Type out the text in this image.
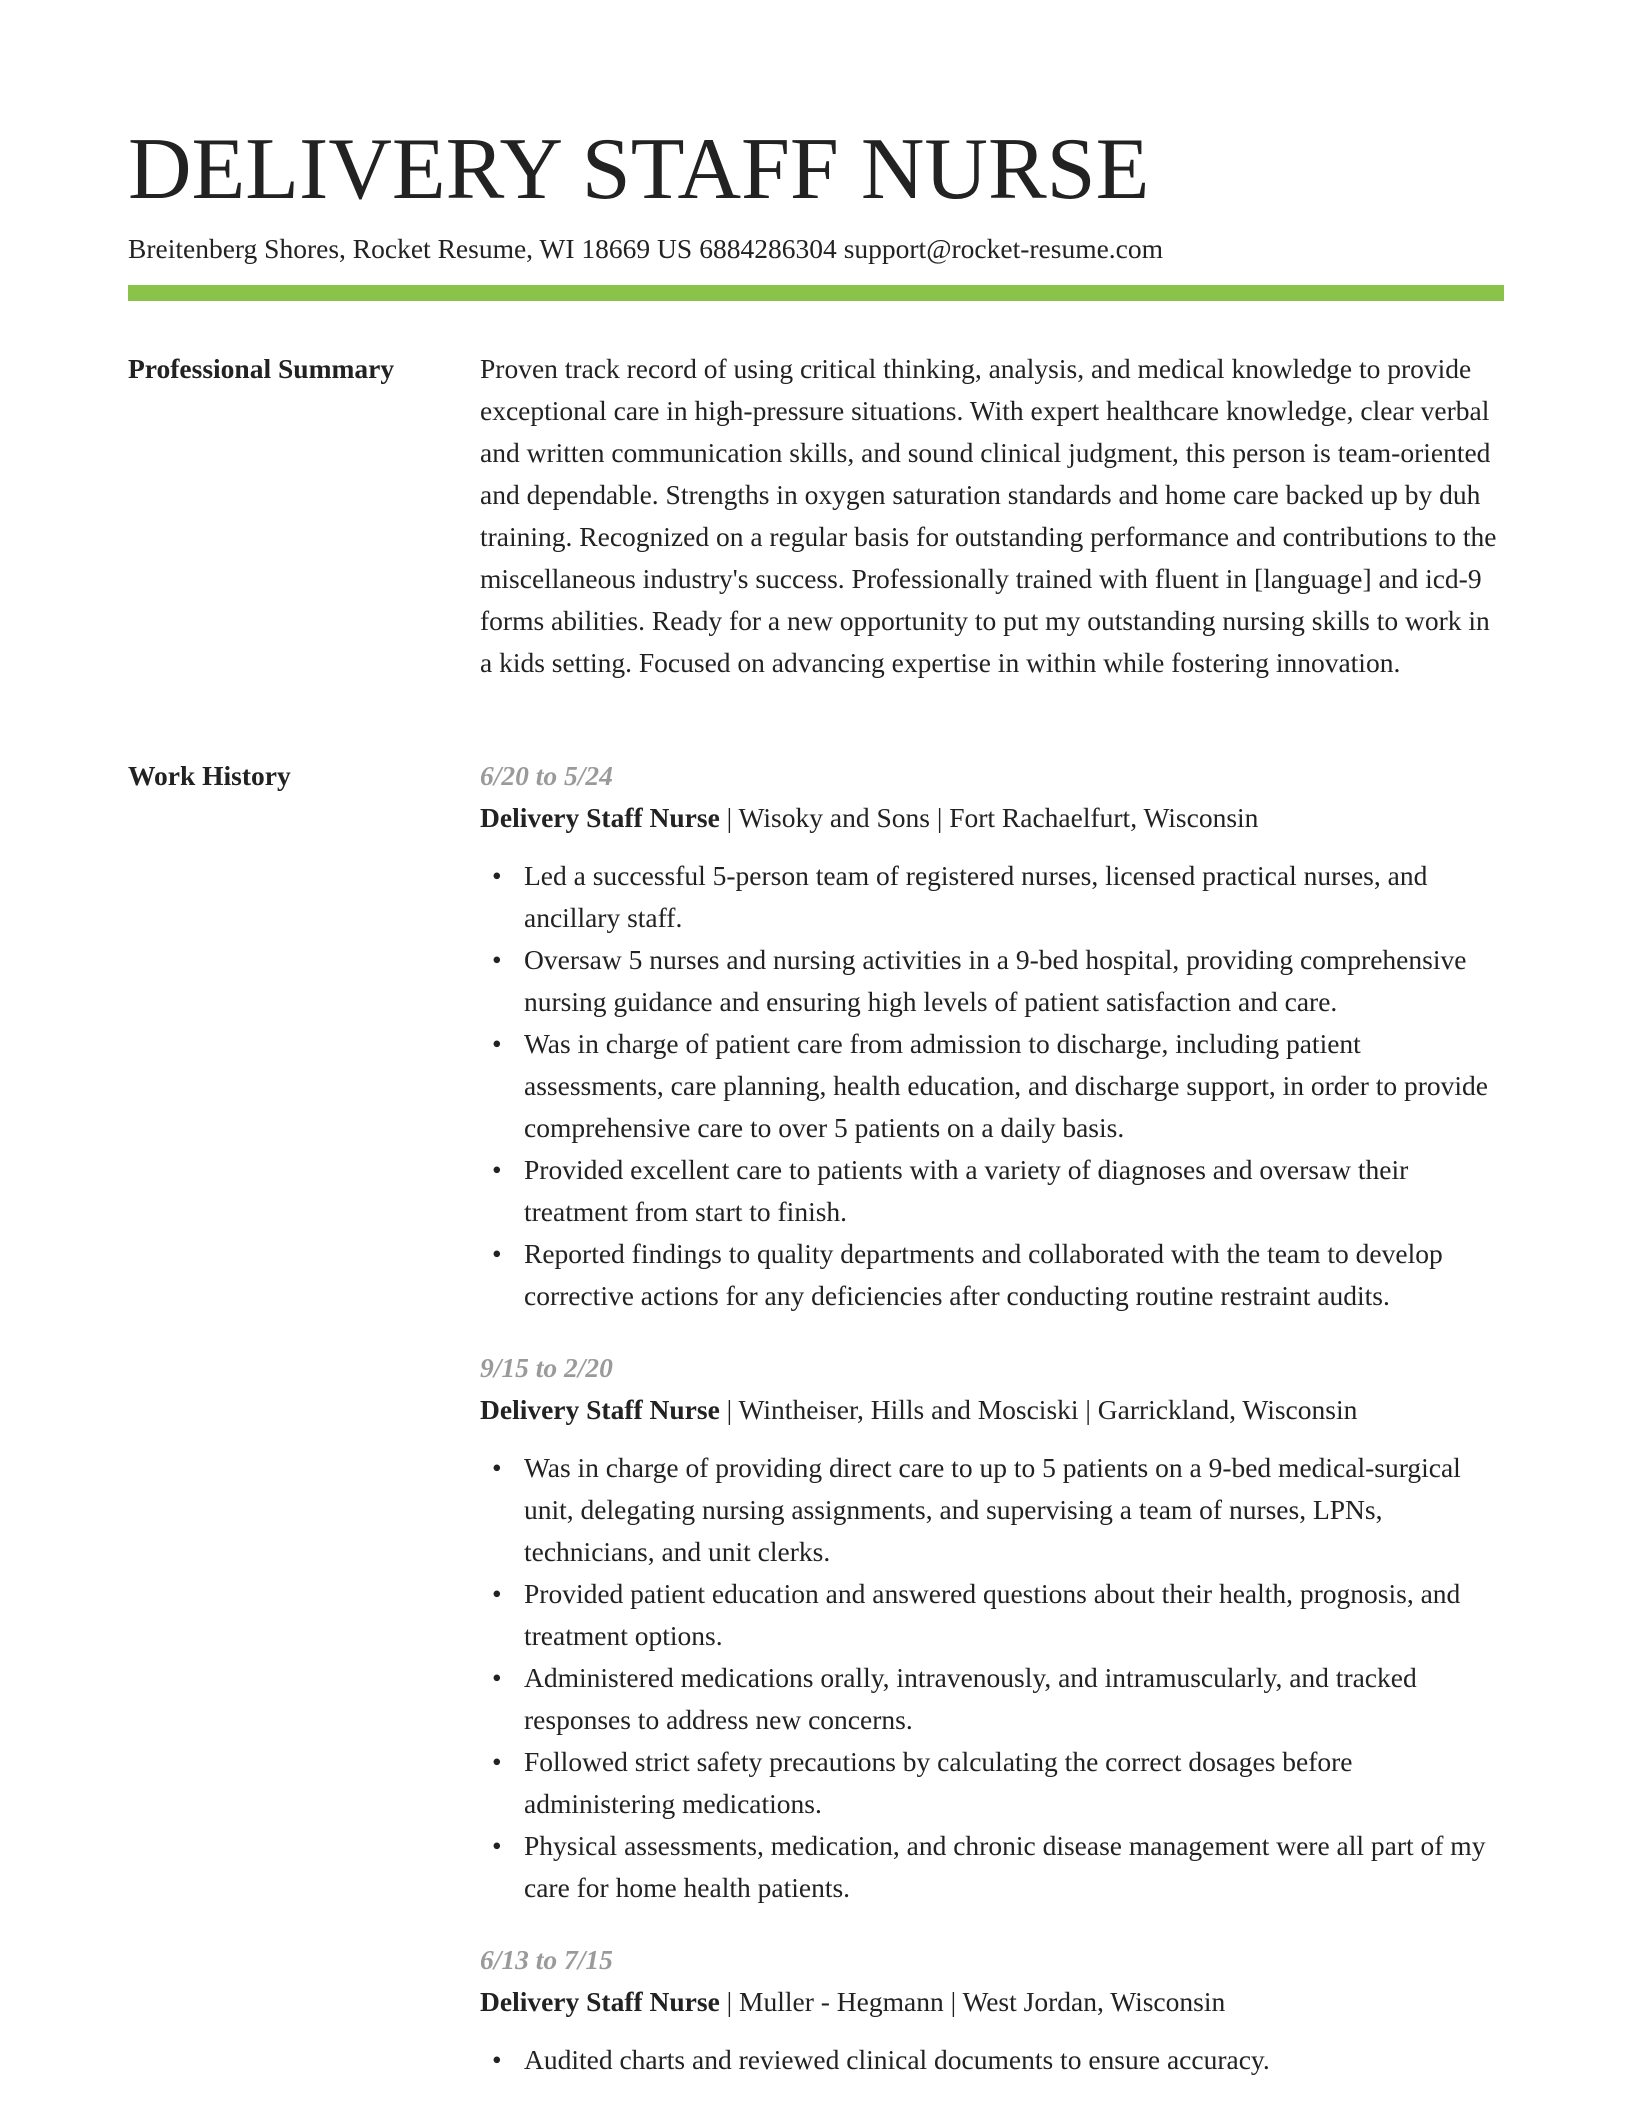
DELIVERY STAFF NURSE
Breitenberg Shores, Rocket Resume, WI 18669 US 6884286304 support@rocket-resume.com
Professional Summary	Proven track record of using critical thinking, analysis, and medical knowledge to provide exceptional care in high-pressure situations. With expert healthcare knowledge, clear verbal and written communication skills, and sound clinical judgment, this person is team-oriented and dependable. Strengths in oxygen saturation standards and home care backed up by duh training. Recognized on a regular basis for outstanding performance and contributions to the miscellaneous industry's success. Professionally trained with fluent in [language] and icd-9 forms abilities. Ready for a new opportunity to put my outstanding nursing skills to work in a kids setting. Focused on advancing expertise in within while fostering innovation.

Work History	6/20 to 5/24
Delivery Staff Nurse | Wisoky and Sons | Fort Rachaelfurt, Wisconsin
• Led a successful 5-person team of registered nurses, licensed practical nurses, and ancillary staff.
• Oversaw 5 nurses and nursing activities in a 9-bed hospital, providing comprehensive nursing guidance and ensuring high levels of patient satisfaction and care.
• Was in charge of patient care from admission to discharge, including patient assessments, care planning, health education, and discharge support, in order to provide comprehensive care to over 5 patients on a daily basis.
• Provided excellent care to patients with a variety of diagnoses and oversaw their treatment from start to finish.
• Reported findings to quality departments and collaborated with the team to develop corrective actions for any deficiencies after conducting routine restraint audits.
9/15 to 2/20
Delivery Staff Nurse | Wintheiser, Hills and Mosciski | Garrickland, Wisconsin
• Was in charge of providing direct care to up to 5 patients on a 9-bed medical-surgical unit, delegating nursing assignments, and supervising a team of nurses, LPNs, technicians, and unit clerks.
• Provided patient education and answered questions about their health, prognosis, and treatment options.
• Administered medications orally, intravenously, and intramuscularly, and tracked responses to address new concerns.
• Followed strict safety precautions by calculating the correct dosages before administering medications.
• Physical assessments, medication, and chronic disease management were all part of my care for home health patients.
6/13 to 7/15
Delivery Staff Nurse | Muller - Hegmann | West Jordan, Wisconsin
• Audited charts and reviewed clinical documents to ensure accuracy.
